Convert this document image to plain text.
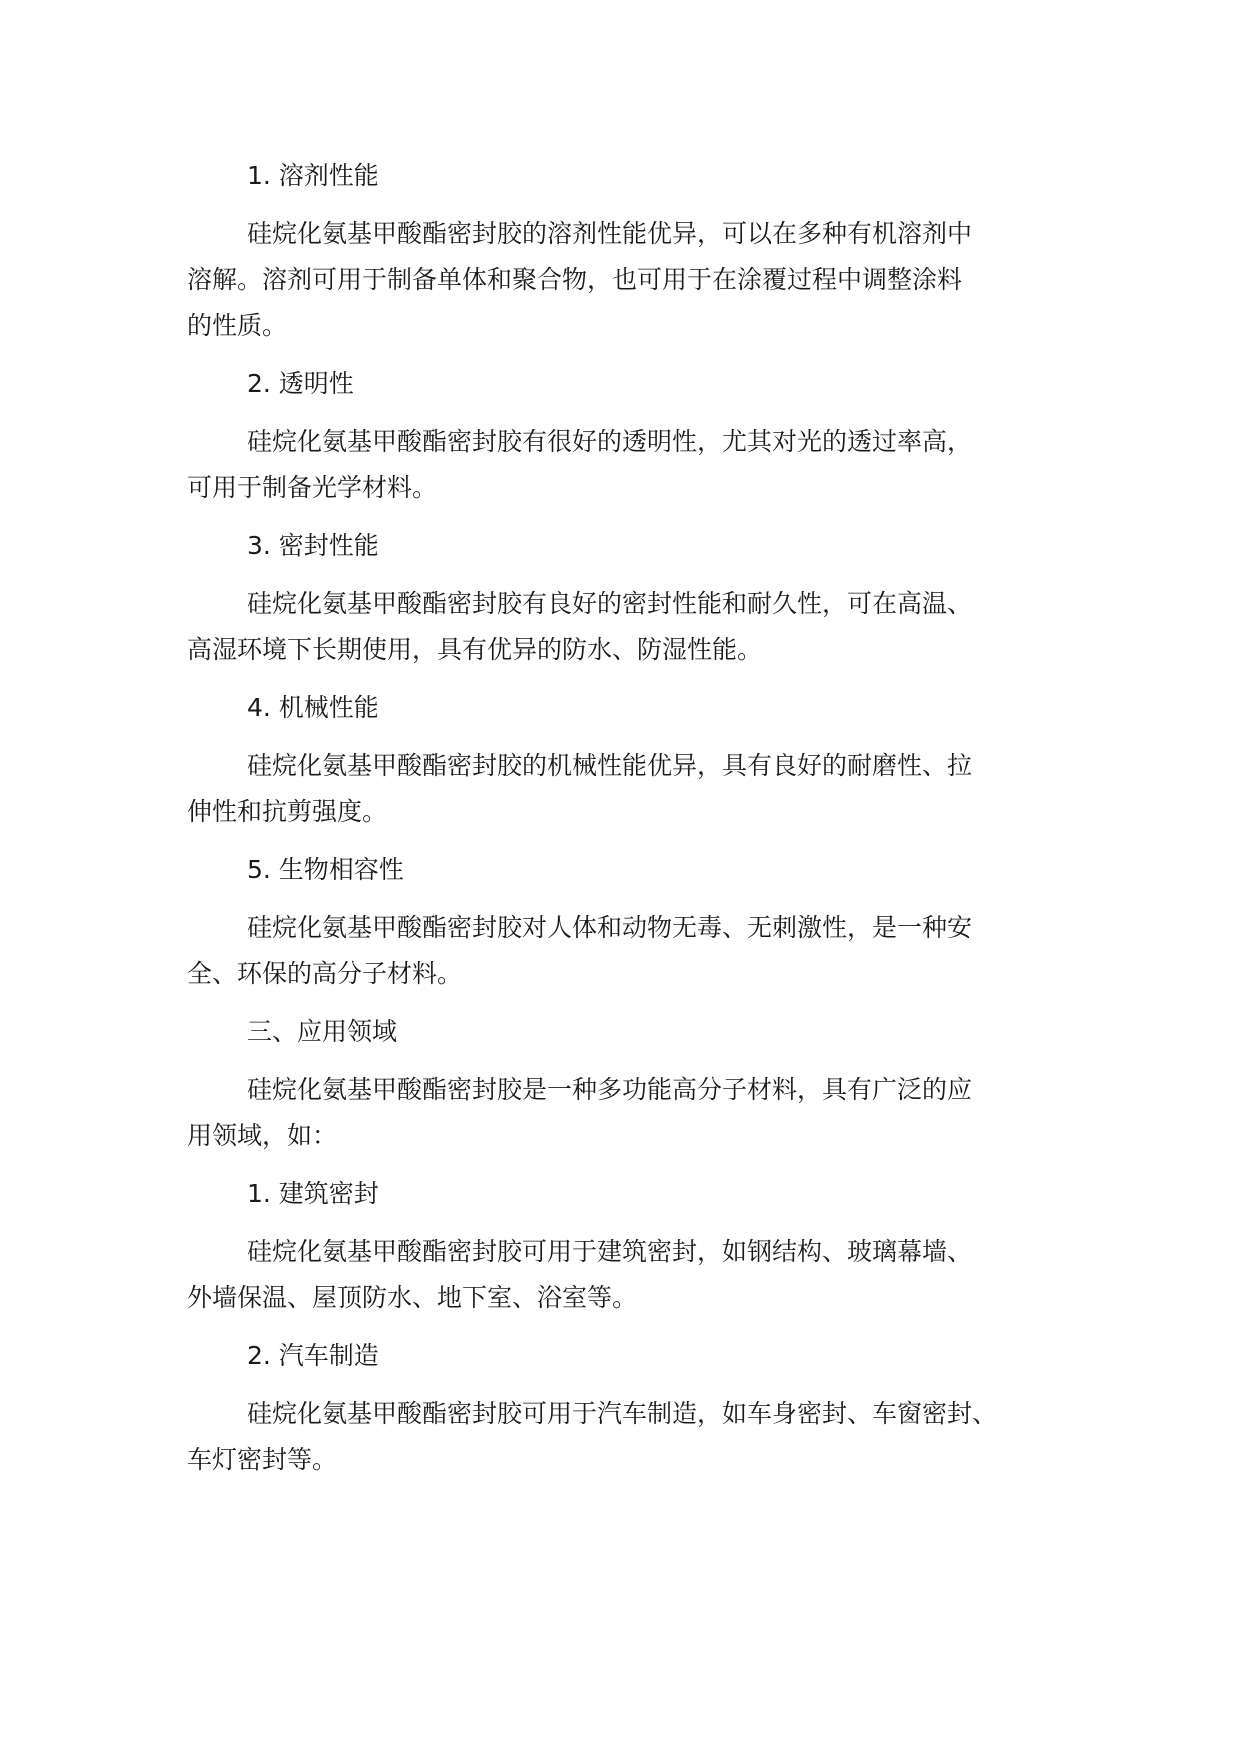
1. 溶剂性能
硅烷化氨基甲酸酯密封胶的溶剂性能优异，可以在多种有机溶剂中
溶解。溶剂可用于制备单体和聚合物，也可用于在涂覆过程中调整涂料
的性质。
2. 透明性
硅烷化氨基甲酸酯密封胶有很好的透明性，尤其对光的透过率高，
可用于制备光学材料。
3. 密封性能
硅烷化氨基甲酸酯密封胶有良好的密封性能和耐久性，可在高温、
高湿环境下长期使用，具有优异的防水、防湿性能。
4. 机械性能
硅烷化氨基甲酸酯密封胶的机械性能优异，具有良好的耐磨性、拉
伸性和抗剪强度。
5. 生物相容性
硅烷化氨基甲酸酯密封胶对人体和动物无毒、无刺激性，是一种安
全、环保的高分子材料。
三、应用领域
硅烷化氨基甲酸酯密封胶是一种多功能高分子材料，具有广泛的应
用领域，如：
1. 建筑密封
硅烷化氨基甲酸酯密封胶可用于建筑密封，如钢结构、玻璃幕墙、
外墙保温、屋顶防水、地下室、浴室等。
2. 汽车制造
硅烷化氨基甲酸酯密封胶可用于汽车制造，如车身密封、车窗密封、
车灯密封等。
